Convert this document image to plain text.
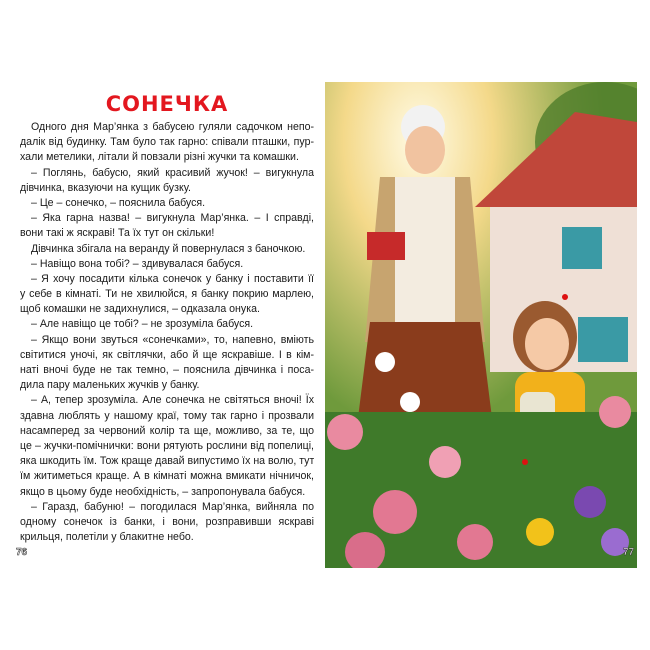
СОНЕЧКА
Одного дня Мар’янка з бабусею гуляли садочком непо-
далік від будинку. Там було так гарно: співали пташки, пур-
хали метелики, літали й повзали різні жучки та комашки.
– Поглянь, бабусю, який красивий жучок! – вигукнула
дівчинка, вказуючи на кущик бузку.
– Це – сонечко, – пояснила бабуся.
– Яка гарна назва! – вигукнула Мар’янка. – І справді,
вони такі ж яскраві! Та їх тут он скільки!
Дівчинка збігала на веранду й повернулася з баночкою.
– Навіщо вона тобі? – здивувалася бабуся.
– Я хочу посадити кілька сонечок у банку і поставити її
у себе в кімнаті. Ти не хвилюйся, я банку покрию марлею,
щоб комашки не задихнулися, – одказала онука.
– Але навіщо це тобі? – не зрозуміла бабуся.
– Якщо вони звуться «сонечками», то, напевно, вміють
світитися уночі, як світлячки, або й ще яскравіше. І в кім-
наті вночі буде не так темно, – пояснила дівчинка і поса-
дила пару маленьких жучків у банку.
– А, тепер зрозуміла. Але сонечка не світяться вночі! Їх
здавна люблять у нашому краї, тому так гарно і прозвали
насамперед за червоний колір та ще, можливо, за те, що
це – жучки-помічнички: вони рятують рослини від попелиці,
яка шкодить їм. Тож краще давай випустимо їх на волю, тут
їм житиметься краще. А в кімнаті можна вмикати нічничок,
якщо в цьому буде необхідність, – запропонувала бабуся.
– Гаразд, бабуню! – погодилася Мар’янка, вийняла по
одному сонечок із банки, і вони, розправивши яскраві
крильця, полетіли у блакитне небо.
76	77
